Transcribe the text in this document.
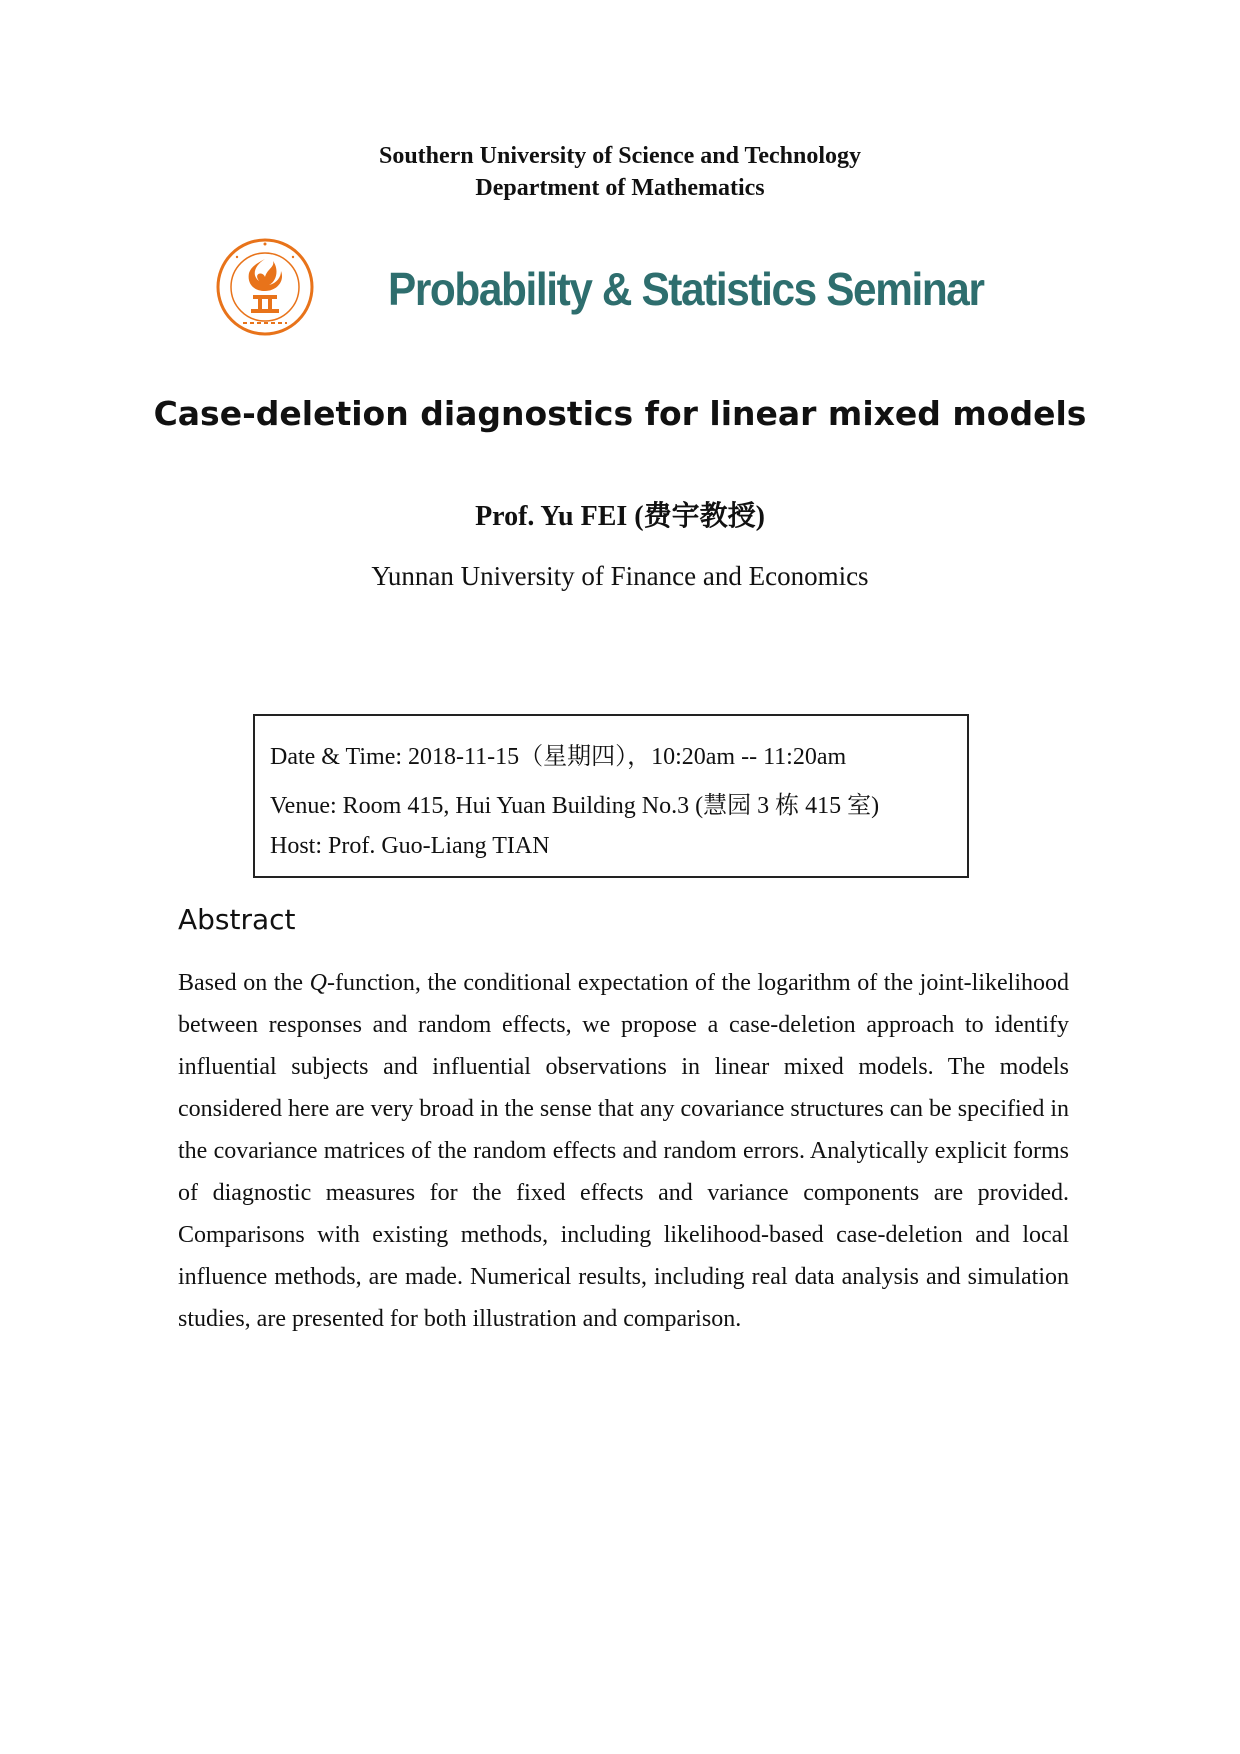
Southern University of Science and Technology
Department of Mathematics
Probability & Statistics Seminar
Case-deletion diagnostics for linear mixed models
Prof. Yu FEI (费宇教授)
Yunnan University of Finance and Economics
Date & Time: 2018-11-15（星期四），10:20am -- 11:20am
Venue: Room 415, Hui Yuan Building No.3 (慧园 3 栋 415 室)
Host: Prof. Guo-Liang TIAN
Abstract
Based on the Q-function, the conditional expectation of the logarithm of the joint-likelihood between responses and random effects, we propose a case-deletion approach to identify influential subjects and influential observations in linear mixed models. The models considered here are very broad in the sense that any covariance structures can be specified in the covariance matrices of the random effects and random errors. Analytically explicit forms of diagnostic measures for the fixed effects and variance components are provided. Comparisons with existing methods, including likelihood-based case-deletion and local influence methods, are made. Numerical results, including real data analysis and simulation studies, are presented for both illustration and comparison.
